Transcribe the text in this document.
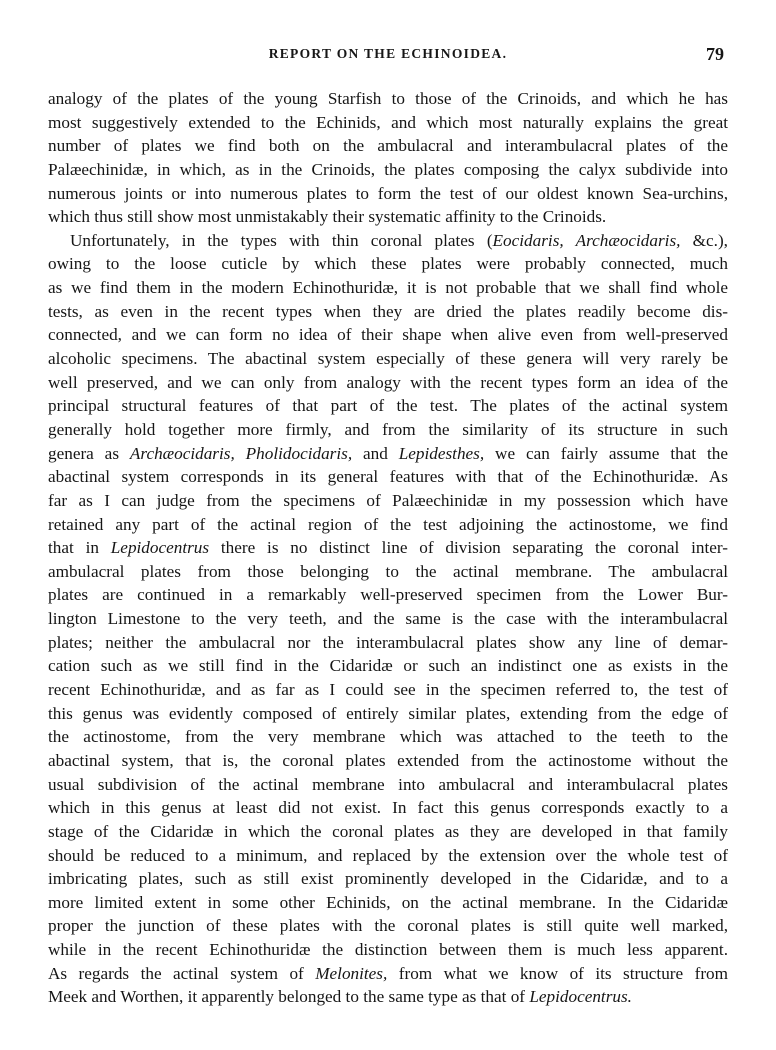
REPORT ON THE ECHINOIDEA.	79
analogy of the plates of the young Starfish to those of the Crinoids, and which he has
most suggestively extended to the Echinids, and which most naturally explains the great
number of plates we find both on the ambulacral and interambulacral plates of the
Palæechinidæ, in which, as in the Crinoids, the plates composing the calyx subdivide into
numerous joints or into numerous plates to form the test of our oldest known Sea-urchins,
which thus still show most unmistakably their systematic affinity to the Crinoids.
Unfortunately, in the types with thin coronal plates (Eocidaris, Archæocidaris, &c.),
owing to the loose cuticle by which these plates were probably connected, much
as we find them in the modern Echinothuridæ, it is not probable that we shall find whole
tests, as even in the recent types when they are dried the plates readily become dis-
connected, and we can form no idea of their shape when alive even from well-preserved
alcoholic specimens. The abactinal system especially of these genera will very rarely be
well preserved, and we can only from analogy with the recent types form an idea of the
principal structural features of that part of the test. The plates of the actinal system
generally hold together more firmly, and from the similarity of its structure in such
genera as Archæocidaris, Pholidocidaris, and Lepidesthes, we can fairly assume that the
abactinal system corresponds in its general features with that of the Echinothuridæ. As
far as I can judge from the specimens of Palæechinidæ in my possession which have
retained any part of the actinal region of the test adjoining the actinostome, we find
that in Lepidocentrus there is no distinct line of division separating the coronal inter-
ambulacral plates from those belonging to the actinal membrane. The ambulacral
plates are continued in a remarkably well-preserved specimen from the Lower Bur-
lington Limestone to the very teeth, and the same is the case with the interambulacral
plates; neither the ambulacral nor the interambulacral plates show any line of demar-
cation such as we still find in the Cidaridæ or such an indistinct one as exists in the
recent Echinothuridæ, and as far as I could see in the specimen referred to, the test of
this genus was evidently composed of entirely similar plates, extending from the edge of
the actinostome, from the very membrane which was attached to the teeth to the
abactinal system, that is, the coronal plates extended from the actinostome without the
usual subdivision of the actinal membrane into ambulacral and interambulacral plates
which in this genus at least did not exist. In fact this genus corresponds exactly to a
stage of the Cidaridæ in which the coronal plates as they are developed in that family
should be reduced to a minimum, and replaced by the extension over the whole test of
imbricating plates, such as still exist prominently developed in the Cidaridæ, and to a
more limited extent in some other Echinids, on the actinal membrane. In the Cidaridæ
proper the junction of these plates with the coronal plates is still quite well marked,
while in the recent Echinothuridæ the distinction between them is much less apparent.
As regards the actinal system of Melonites, from what we know of its structure from
Meek and Worthen, it apparently belonged to the same type as that of Lepidocentrus.
